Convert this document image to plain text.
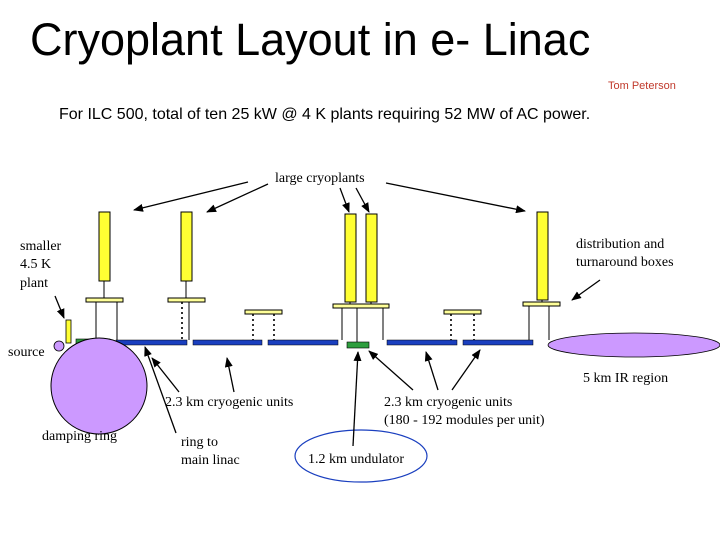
Cryoplant Layout in e- Linac
Tom Peterson
For ILC 500, total of ten 25 kW @ 4 K plants requiring 52 MW of AC power.
large cryoplants
smaller
4.5 K
plant
distribution and
turnaround boxes
source
5 km IR region
2.3 km cryogenic units	2.3 km cryogenic units
(180 - 192 modules per unit)
damping ring	ring to
main linac	1.2 km undulator
